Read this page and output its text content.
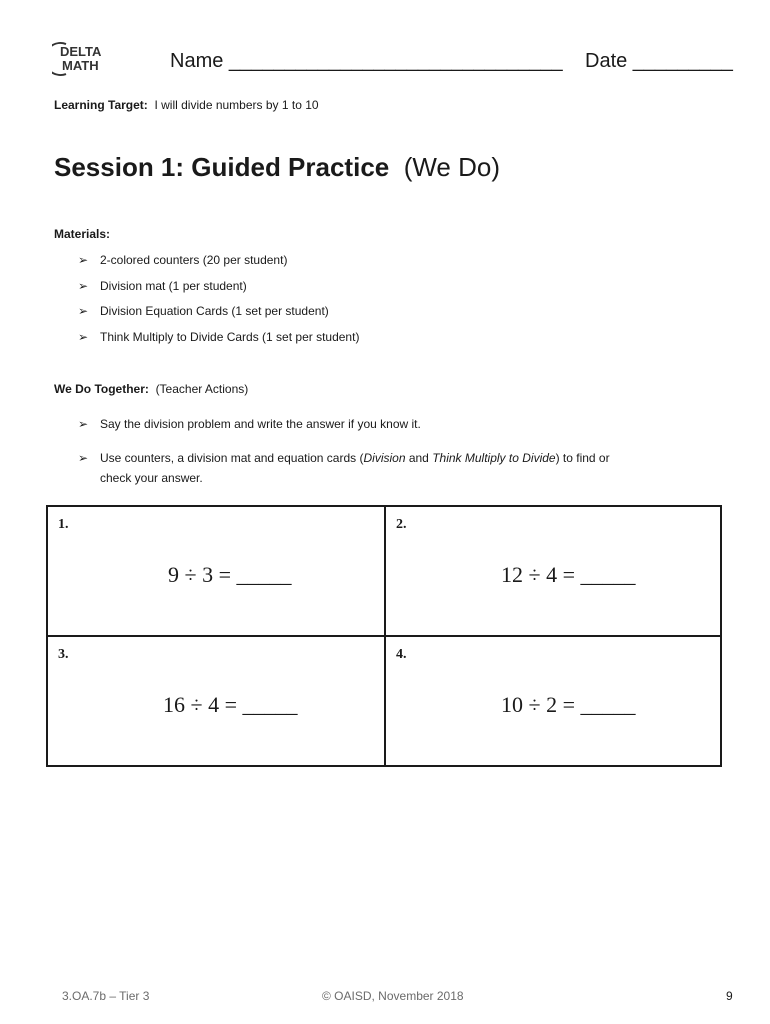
DELTA
MATH	Name ______________________________ Date _________
Learning Target: I will divide numbers by 1 to 10
Session 1: Guided Practice (We Do)
Materials:
➢ 2-colored counters (20 per student)
➢ Division mat (1 per student)
➢ Division Equation Cards (1 set per student)
➢ Think Multiply to Divide Cards (1 set per student)
We Do Together: (Teacher Actions)
➢ Say the division problem and write the answer if you know it.
➢ Use counters, a division mat and equation cards (Division and Think Multiply to Divide) to find or check your answer.
1.
9 ÷ 3 = _____
2.
12 ÷ 4 = _____
3.
16 ÷ 4 = _____
4.
10 ÷ 2 = _____
3.OA.7b – Tier 3	© OAISD, November 2018	9
